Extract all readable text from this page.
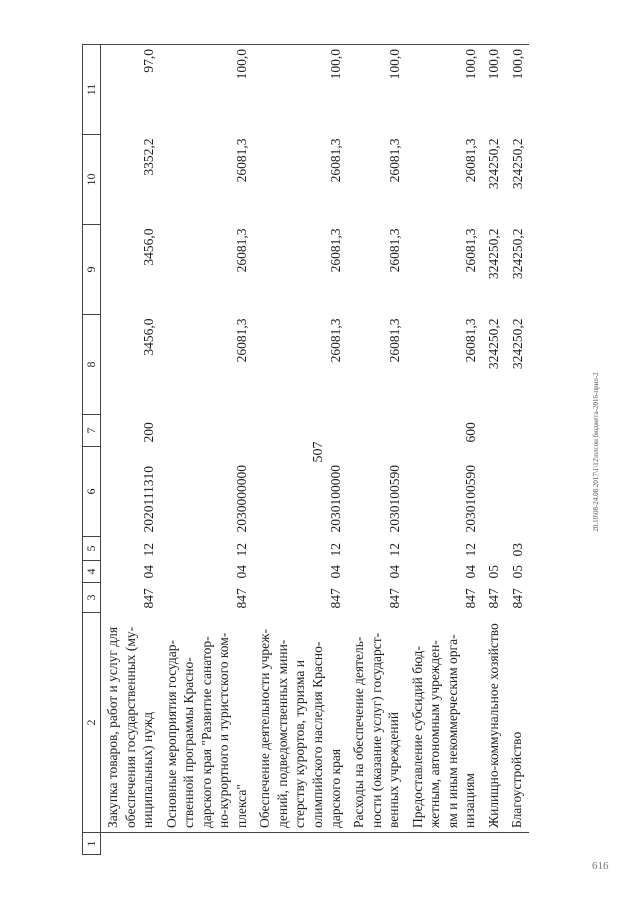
507	20.10\08-24.08.2017\1\12\плсон бюджета-2016-прил-2
616
1	2	3	4	5	6	7	8	9	10	11

	Закупка товаров, работ и услуг для обеспечения государственных (му- ниципальных) нужд	847	04	12	2020111310	200	3456,0	3456,0	3352,2	97,0

	Основные мероприятия государ- ственной программы Красно- дарского края "Развитие санатор- но-курортного и туристского ком- плекса"	847	04	12	2030000000		26081,3	26081,3	26081,3	100,0

	Обеспечение деятельности учреж- дений, подведомственных мини- стерству курортов, туризма и олимпийского наследия Красно- дарского края	847	04	12	2030100000		26081,3	26081,3	26081,3	100,0

	Расходы на обеспечение деятель- ности (оказание услуг) государст- венных учреждений	847	04	12	2030100590		26081,3	26081,3	26081,3	100,0

	Предоставление субсидий бюд- жетным, автономным учрежден- ям и иным некоммерческим орга- низациям	847	04	12	2030100590	600	26081,3	26081,3	26081,3	100,0

	Жилищно-коммунальное хозяйство	847	05				324250,2	324250,2	324250,2	100,0

	Благоустройство	847	05	03			324250,2	324250,2	324250,2	100,0
